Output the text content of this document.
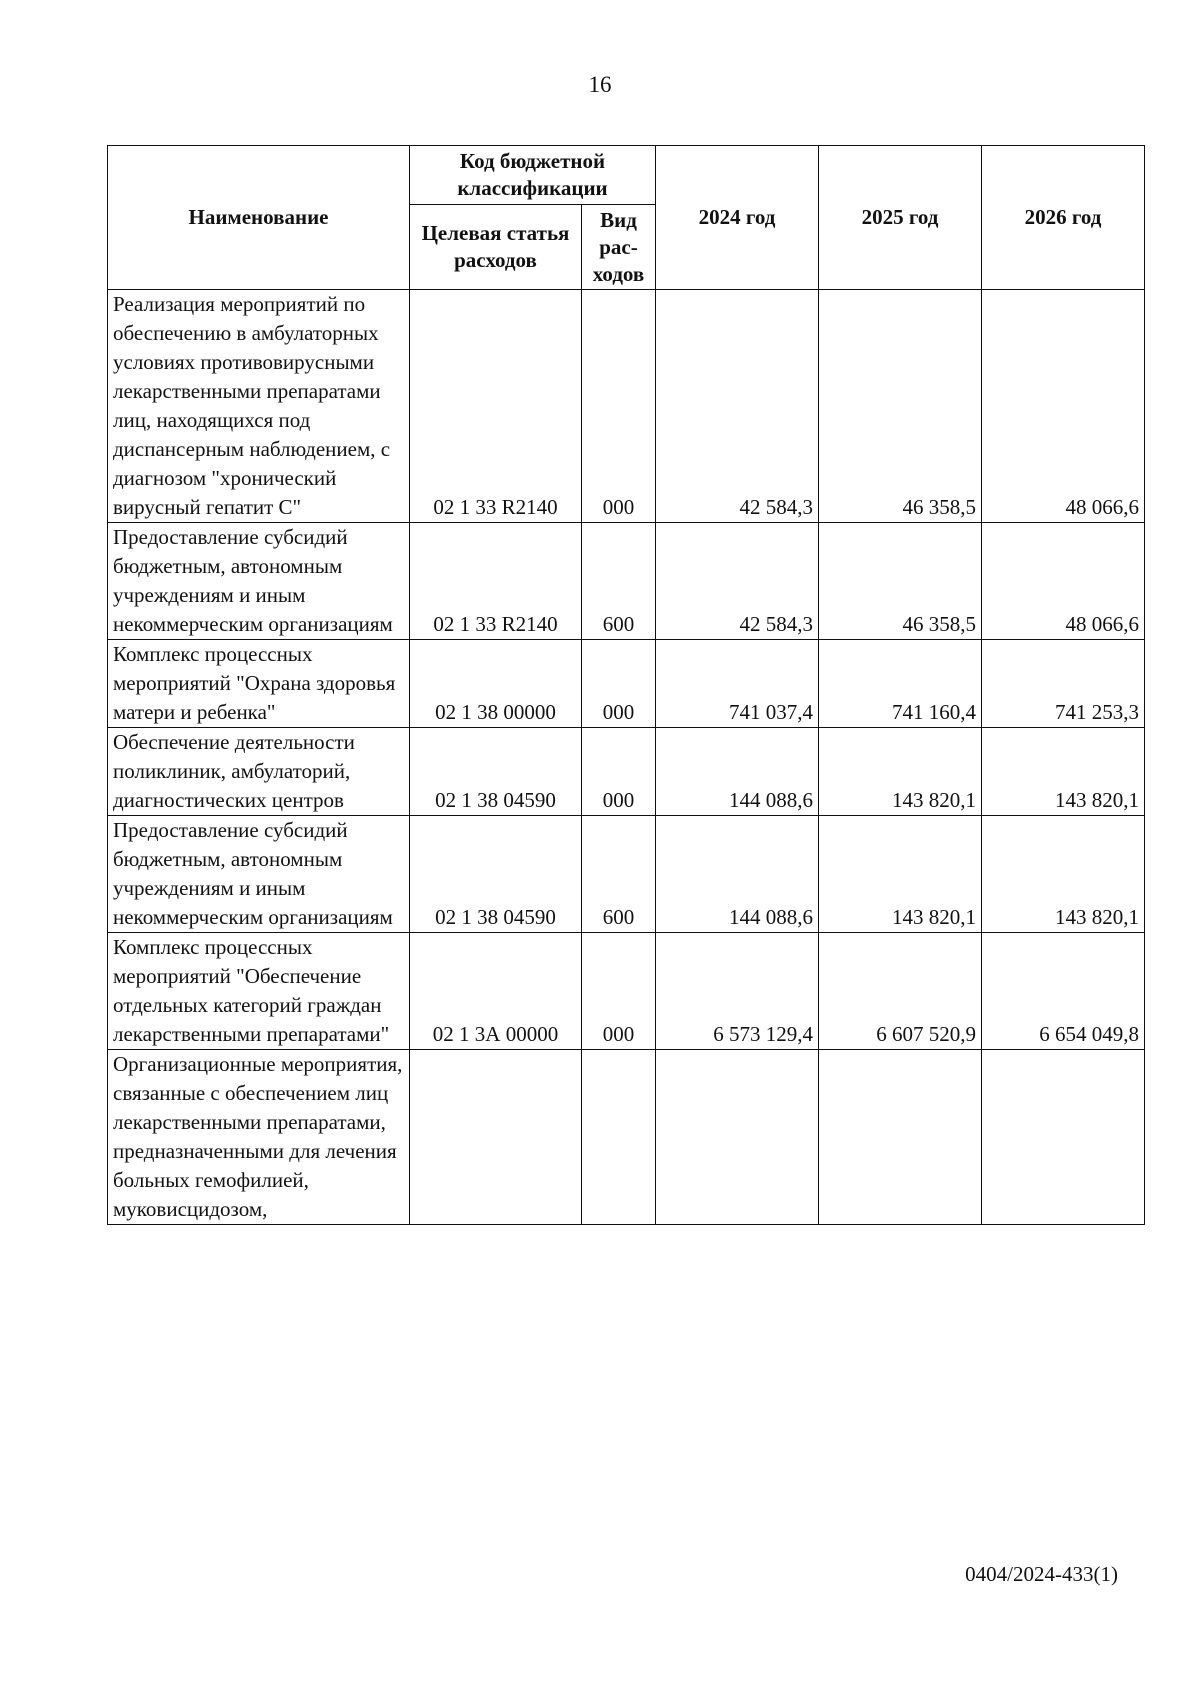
16
Наименование	Код бюджетной классификации		2024 год	2025 год	2026 год
	Целевая статья расходов	Вид рас-ходов			
Реализация мероприятий по обеспечению в амбулаторных условиях противовирусными лекарственными препаратами лиц, находящихся под диспансерным наблюдением, с диагнозом "хронический вирусный гепатит С"	02 1 33 R2140	000	42 584,3	46 358,5	48 066,6
Предоставление субсидий бюджетным, автономным учреждениям и иным некоммерческим организациям	02 1 33 R2140	600	42 584,3	46 358,5	48 066,6
Комплекс процессных мероприятий "Охрана здоровья матери и ребенка"	02 1 38 00000	000	741 037,4	741 160,4	741 253,3
Обеспечение деятельности поликлиник, амбулаторий, диагностических центров	02 1 38 04590	000	144 088,6	143 820,1	143 820,1
Предоставление субсидий бюджетным, автономным учреждениям и иным некоммерческим организациям	02 1 38 04590	600	144 088,6	143 820,1	143 820,1
Комплекс процессных мероприятий "Обеспечение отдельных категорий граждан лекарственными препаратами"	02 1 3А 00000	000	6 573 129,4	6 607 520,9	6 654 049,8
Организационные мероприятия, связанные с обеспечением лиц лекарственными препаратами, предназначенными для лечения больных гемофилией, муковисцидозом,					
0404/2024-433(1)
